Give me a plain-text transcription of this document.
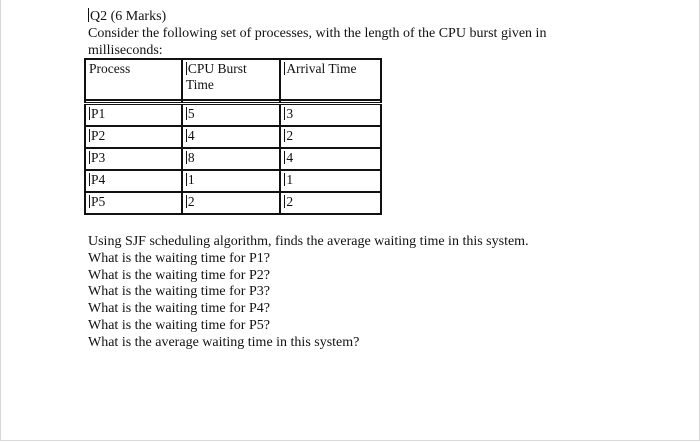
Q2 (6 Marks)
Consider the following set of processes, with the length of the CPU burst given in
milliseconds:
Process	CPU Burst Time	Arrival Time

P1	5	3
P2	4	2
P3	8	4
P4	1	1
P5	2	2
Using SJF scheduling algorithm, finds the average waiting time in this system.
What is the waiting time for P1?
What is the waiting time for P2?
What is the waiting time for P3?
What is the waiting time for P4?
What is the waiting time for P5?
What is the average waiting time in this system?
